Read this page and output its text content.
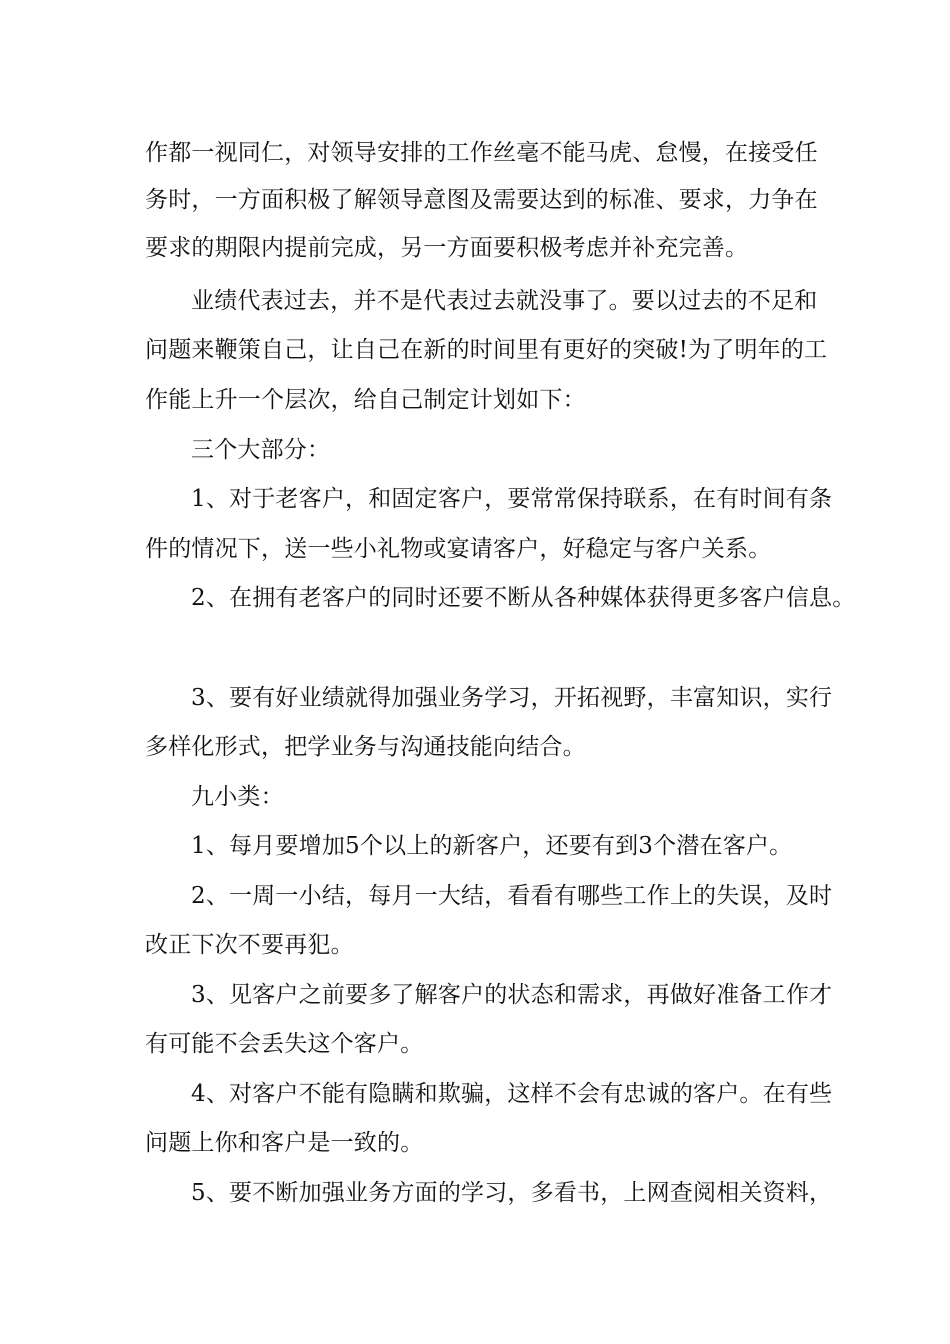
作都一视同仁，对领导安排的工作丝毫不能马虎、怠慢，在接受任
务时，一方面积极了解领导意图及需要达到的标准、要求，力争在
要求的期限内提前完成，另一方面要积极考虑并补充完善。
业绩代表过去，并不是代表过去就没事了。要以过去的不足和
问题来鞭策自己，让自己在新的时间里有更好的突破!为了明年的工
作能上升一个层次，给自己制定计划如下：
三个大部分：
1、对于老客户，和固定客户，要常常保持联系，在有时间有条
件的情况下，送一些小礼物或宴请客户，好稳定与客户关系。
2、在拥有老客户的同时还要不断从各种媒体获得更多客户信息。
3、要有好业绩就得加强业务学习，开拓视野，丰富知识，实行
多样化形式，把学业务与沟通技能向结合。
九小类：
1、每月要增加5个以上的新客户，还要有到3个潜在客户。
2、一周一小结，每月一大结，看看有哪些工作上的失误，及时
改正下次不要再犯。
3、见客户之前要多了解客户的状态和需求，再做好准备工作才
有可能不会丢失这个客户。
4、对客户不能有隐瞒和欺骗，这样不会有忠诚的客户。在有些
问题上你和客户是一致的。
5、要不断加强业务方面的学习，多看书，上网查阅相关资料，
